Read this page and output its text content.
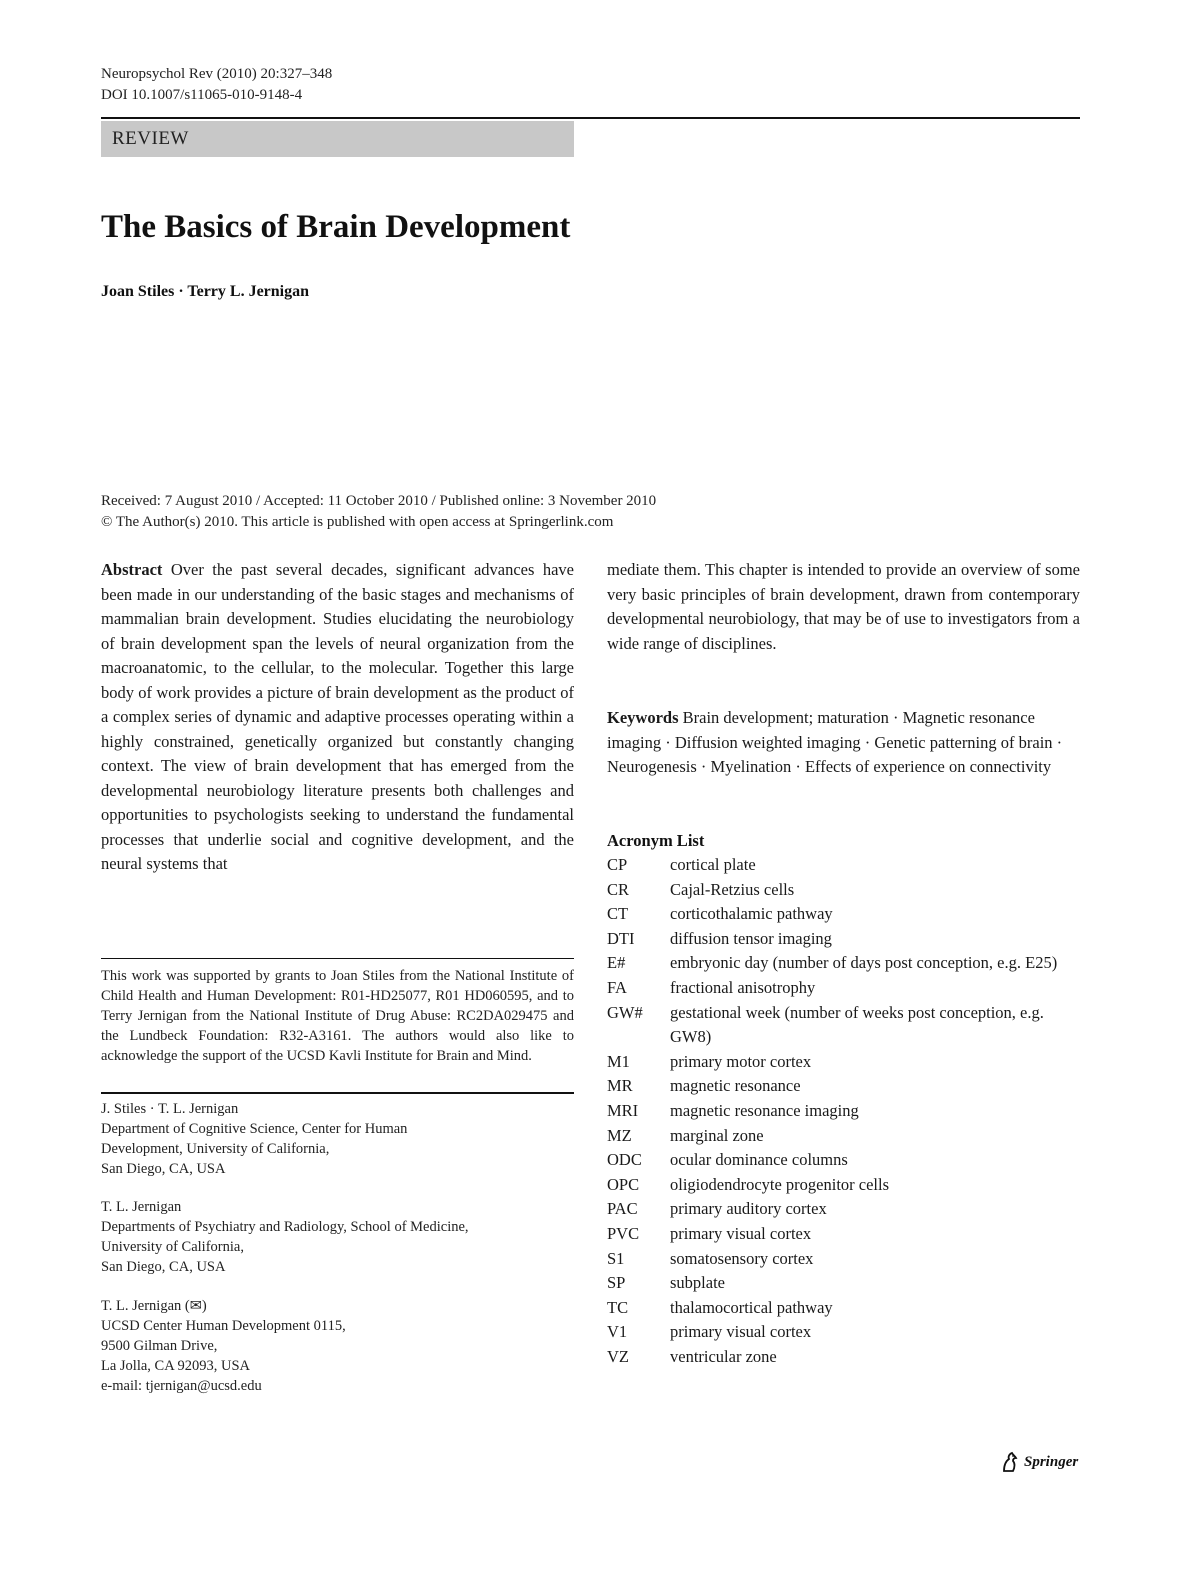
Neuropsychol Rev (2010) 20:327–348
DOI 10.1007/s11065-010-9148-4
REVIEW
The Basics of Brain Development
Joan Stiles · Terry L. Jernigan
Received: 7 August 2010 / Accepted: 11 October 2010 / Published online: 3 November 2010
© The Author(s) 2010. This article is published with open access at Springerlink.com
Abstract Over the past several decades, significant advances have been made in our understanding of the basic stages and mechanisms of mammalian brain development. Studies elucidating the neurobiology of brain development span the levels of neural organization from the macroanatomic, to the cellular, to the molecular. Together this large body of work provides a picture of brain development as the product of a complex series of dynamic and adaptive processes operating within a highly constrained, genetically organized but constantly changing context. The view of brain development that has emerged from the developmental neurobiology literature presents both challenges and opportunities to psychologists seeking to understand the fundamental processes that underlie social and cognitive development, and the neural systems that
mediate them. This chapter is intended to provide an overview of some very basic principles of brain development, drawn from contemporary developmental neurobiology, that may be of use to investigators from a wide range of disciplines.
Keywords Brain development; maturation · Magnetic resonance imaging · Diffusion weighted imaging · Genetic patterning of brain · Neurogenesis · Myelination · Effects of experience on connectivity
This work was supported by grants to Joan Stiles from the National Institute of Child Health and Human Development: R01-HD25077, R01 HD060595, and to Terry Jernigan from the National Institute of Drug Abuse: RC2DA029475 and the Lundbeck Foundation: R32-A3161. The authors would also like to acknowledge the support of the UCSD Kavli Institute for Brain and Mind.
J. Stiles · T. L. Jernigan
Department of Cognitive Science, Center for Human
Development, University of California,
San Diego, CA, USA
T. L. Jernigan
Departments of Psychiatry and Radiology, School of Medicine,
University of California,
San Diego, CA, USA
T. L. Jernigan (✉)
UCSD Center Human Development 0115,
9500 Gilman Drive,
La Jolla, CA 92093, USA
e-mail: tjernigan@ucsd.edu
Acronym List
CP	cortical plate
CR	Cajal-Retzius cells
CT	corticothalamic pathway
DTI	diffusion tensor imaging
E#	embryonic day (number of days post conception, e.g. E25)
FA	fractional anisotrophy
GW#	gestational week (number of weeks post conception, e.g. GW8)
M1	primary motor cortex
MR	magnetic resonance
MRI	magnetic resonance imaging
MZ	marginal zone
ODC	ocular dominance columns
OPC	oligiodendrocyte progenitor cells
PAC	primary auditory cortex
PVC	primary visual cortex
S1	somatosensory cortex
SP	subplate
TC	thalamocortical pathway
V1	primary visual cortex
VZ	ventricular zone
Springer
